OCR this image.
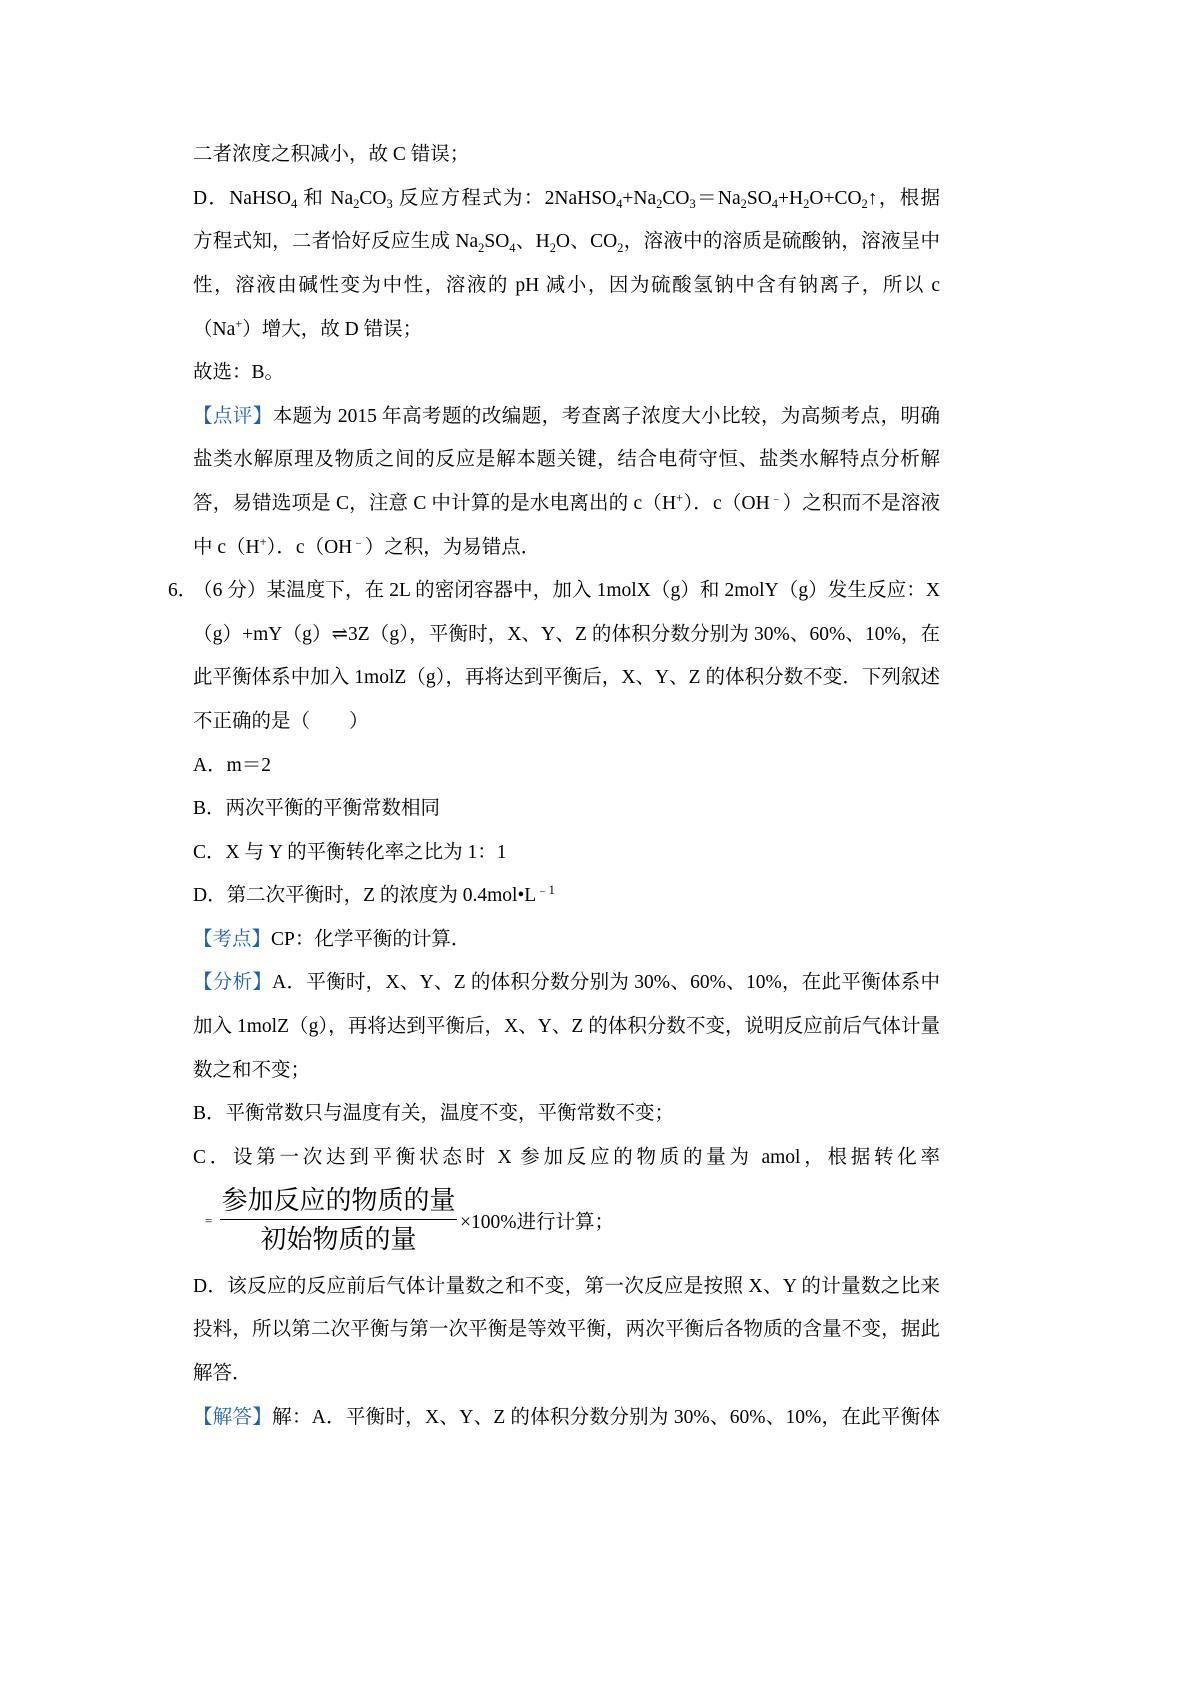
二者浓度之积减小，故 C 错误；
D．NaHSO$_4$ 和 $Na_2CO_3$ 反应方程式为：$2NaHSO_4+Na_2CO_3=Na_2SO_4+H_2O+CO_2↑$，根据
方程式知，二者恰好反应生成 $Na_2SO_4$、$H_2O$、$CO_2$，溶液中的溶质是硫酸钠，溶液呈中
性，溶液由碱性变为中性，溶液的 pH 减小，因为硫酸氢钠中含有钠离子，所以 c
（Na+）增大，故 D 错误；
故选：B。
【点评】本题为 2015 年高考题的改编题，考查离子浓度大小比较，为高频考点，明确
盐类水解原理及物质之间的反应是解本题关键，结合电荷守恒、盐类水解特点分析解
答，易错选项是 C，注意 C 中计算的是水电离出的 c（H+）．c（OH﹣）之积而不是溶液
中 c（H+）．c（OH﹣）之积，为易错点．
6．
（6 分）某温度下，在 2L 的密闭容器中，加入 1molX（g）和 2molY（g）发生反应：X
（g）+mY（g）⇌3Z（g），平衡时，X、Y、Z 的体积分数分别为 30%、60%、10%，在
此平衡体系中加入 1molZ（g），再将达到平衡后，X、Y、Z 的体积分数不变．下列叙述
不正确的是（　　）
A．m＝2
B．两次平衡的平衡常数相同
C．X 与 Y 的平衡转化率之比为 1：1
D．第二次平衡时，Z 的浓度为 $0.4mol•L^{﹣1}$
【考点】CP：化学平衡的计算．
【分析】A．平衡时，X、Y、Z 的体积分数分别为 30%、60%、10%，在此平衡体系中
加入 1molZ（g），再将达到平衡后，X、Y、Z 的体积分数不变，说明反应前后气体计量
数之和不变；
B．平衡常数只与温度有关，温度不变，平衡常数不变；
C．设第一次达到平衡状态时 X 参加反应的物质的量为 amol，根据转化率
=
参加反应的物质的量
初始物质的量
×100%进行计算；
D．该反应的反应前后气体计量数之和不变，第一次反应是按照 X、Y 的计量数之比来
投料，所以第二次平衡与第一次平衡是等效平衡，两次平衡后各物质的含量不变，据此
解答．
【解答】解：A．平衡时，X、Y、Z 的体积分数分别为 30%、60%、10%，在此平衡体
